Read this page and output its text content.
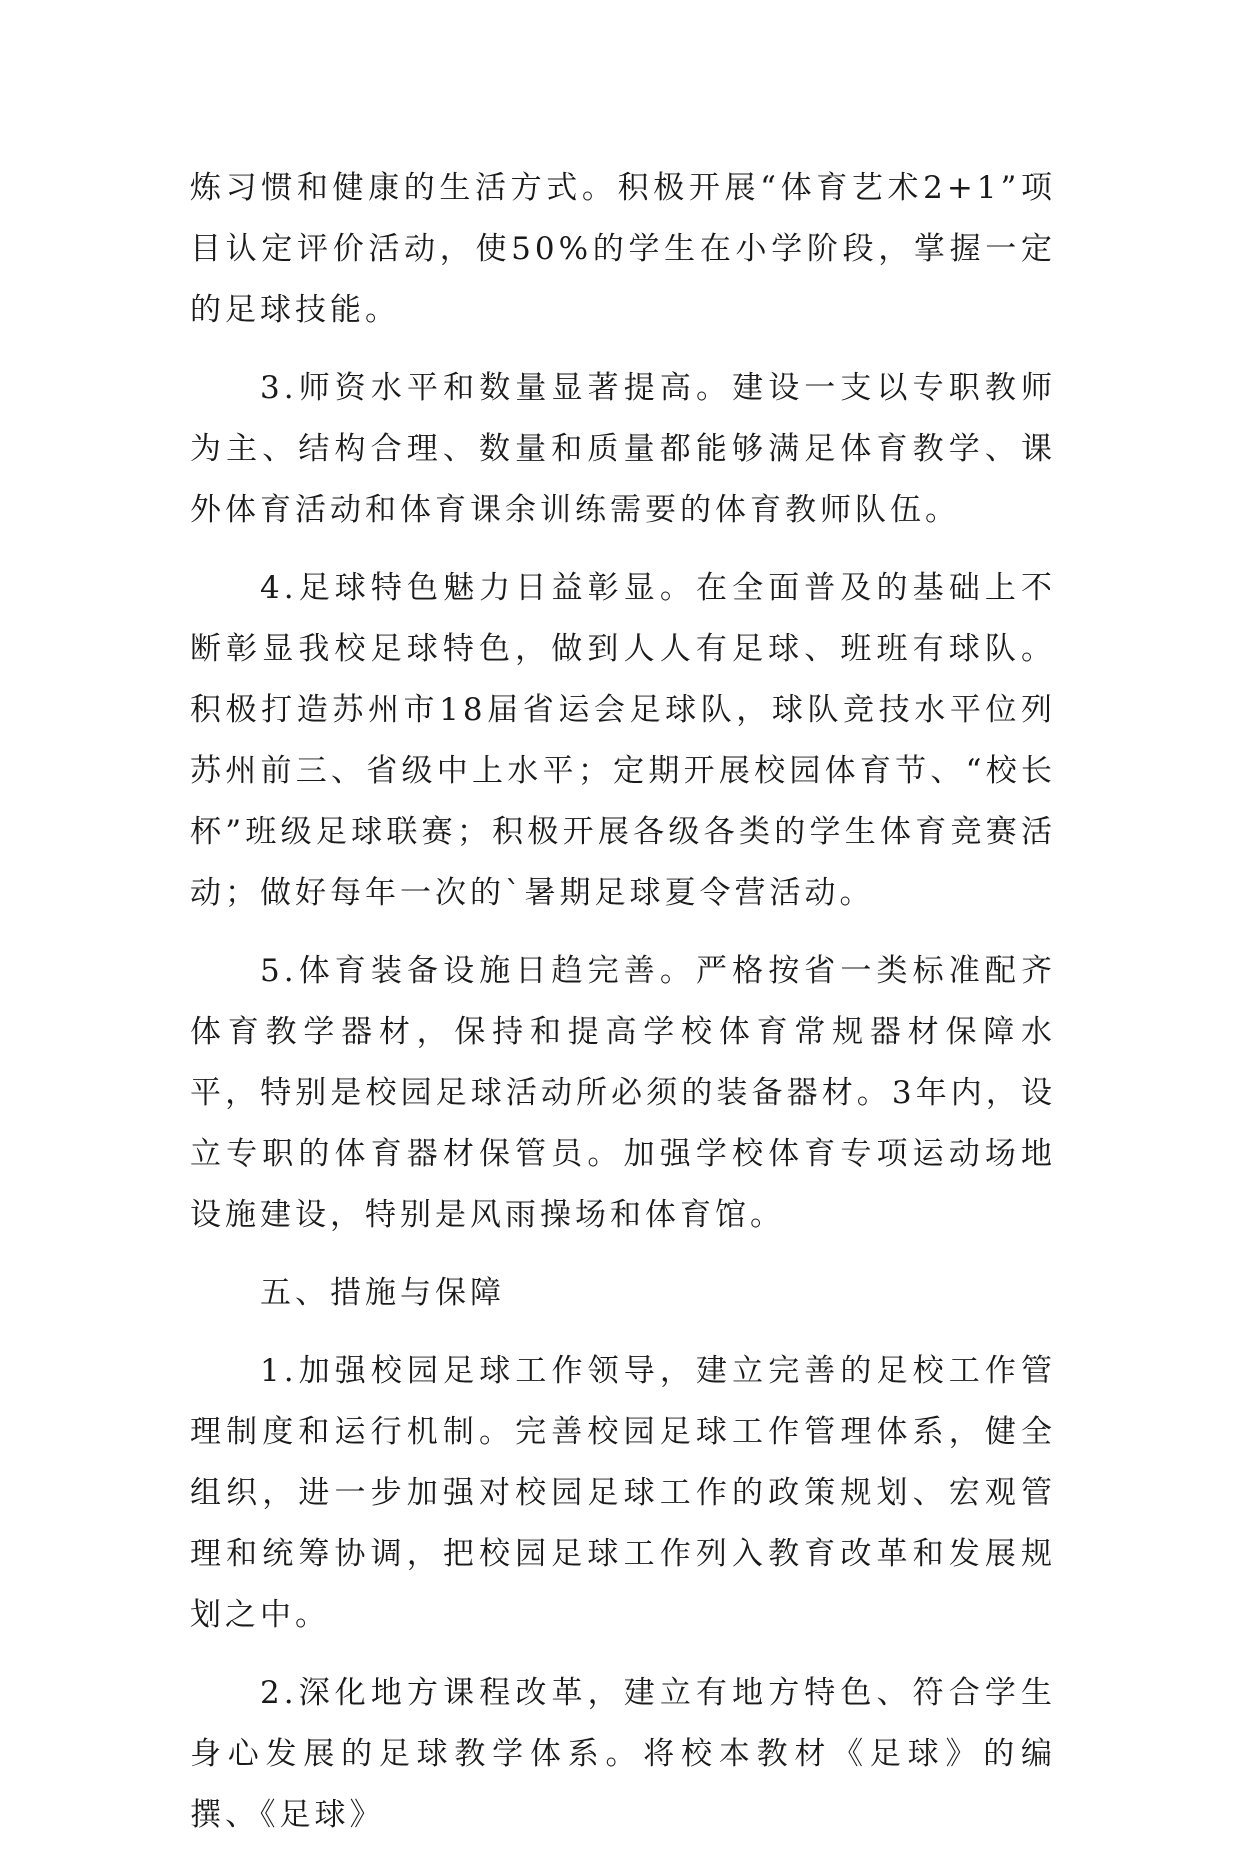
炼习惯和健康的生活方式。积极开展“体育艺术2+1”项目认定评价活动，使50%的学生在小学阶段，掌握一定的足球技能。

3.师资水平和数量显著提高。建设一支以专职教师为主、结构合理、数量和质量都能够满足体育教学、课外体育活动和体育课余训练需要的体育教师队伍。

4.足球特色魅力日益彰显。在全面普及的基础上不断彰显我校足球特色，做到人人有足球、班班有球队。积极打造苏州市18届省运会足球队，球队竞技水平位列苏州前三、省级中上水平；定期开展校园体育节、“校长杯”班级足球联赛；积极开展各级各类的学生体育竞赛活动；做好每年一次的`暑期足球夏令营活动。

5.体育装备设施日趋完善。严格按省一类标准配齐体育教学器材，保持和提高学校体育常规器材保障水平，特别是校园足球活动所必须的装备器材。3年内，设立专职的体育器材保管员。加强学校体育专项运动场地设施建设，特别是风雨操场和体育馆。

五、措施与保障

1.加强校园足球工作领导，建立完善的足校工作管理制度和运行机制。完善校园足球工作管理体系，健全组织，进一步加强对校园足球工作的政策规划、宏观管理和统筹协调，把校园足球工作列入教育改革和发展规划之中。

2.深化地方课程改革，建立有地方特色、符合学生身心发展的足球教学体系。将校本教材《足球》的编撰、《足球》
